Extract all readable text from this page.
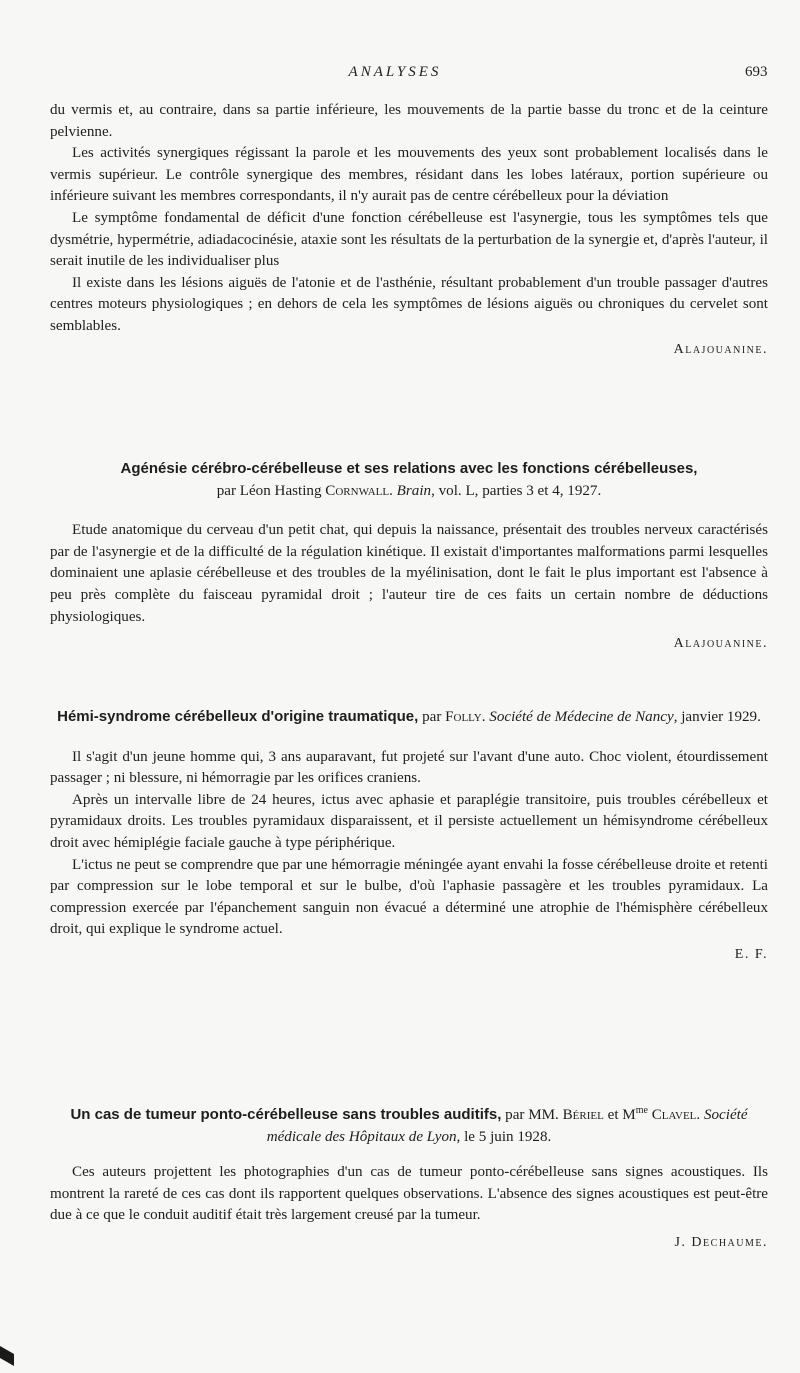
ANALYSES	693

du vermis et, au contraire, dans sa partie inférieure, les mouvements de la partie basse du tronc et de la ceinture pelvienne.

Les activités synergiques régissant la parole et les mouvements des yeux sont probablement localisés dans le vermis supérieur. Le contrôle synergique des membres, résidant dans les lobes latéraux, portion supérieure ou inférieure suivant les membres correspondants, il n'y aurait pas de centre cérébelleux pour la déviation

Le symptôme fondamental de déficit d'une fonction cérébelleuse est l'asynergie, tous les symptômes tels que dysmétrie, hypermétrie, adiadacocinésie, ataxie sont les résultats de la perturbation de la synergie et, d'après l'auteur, il serait inutile de les individualiser plus

Il existe dans les lésions aiguës de l'atonie et de l'asthénie, résultant probablement d'un trouble passager d'autres centres moteurs physiologiques ; en dehors de cela les symptômes de lésions aiguës ou chroniques du cervelet sont semblables.

Alajouanine.
Agénésie cérébro-cérébelleuse et ses relations avec les fonctions cérébelleuses,
par Léon Hasting Cornwall. Brain, vol. L, parties 3 et 4, 1927.

Etude anatomique du cerveau d'un petit chat, qui depuis la naissance, présentait des troubles nerveux caractérisés par de l'asynergie et de la difficulté de la régulation kinétique. Il existait d'importantes malformations parmi lesquelles dominaient une aplasie cérébelleuse et des troubles de la myélinisation, dont le fait le plus important est l'absence à peu près complète du faisceau pyramidal droit ; l'auteur tire de ces faits un certain nombre de déductions physiologiques.

Alajouanine.
Hémi-syndrome cérébelleux d'origine traumatique, par Folly. Société de Médecine de Nancy, janvier 1929.

Il s'agit d'un jeune homme qui, 3 ans auparavant, fut projeté sur l'avant d'une auto. Choc violent, étourdissement passager ; ni blessure, ni hémorragie par les orifices craniens.

Après un intervalle libre de 24 heures, ictus avec aphasie et paraplégie transitoire, puis troubles cérébelleux et pyramidaux droits. Les troubles pyramidaux disparaissent, et il persiste actuellement un hémisyndrome cérébelleux droit avec hémiplégie faciale gauche à type périphérique.

L'ictus ne peut se comprendre que par une hémorragie méningée ayant envahi la fosse cérébelleuse droite et retenti par compression sur le lobe temporal et sur le bulbe, d'où l'aphasie passagère et les troubles pyramidaux. La compression exercée par l'épanchement sanguin non évacué a déterminé une atrophie de l'hémisphère cérébelleux droit, qui explique le syndrome actuel.

E. F.
Un cas de tumeur ponto-cérébelleuse sans troubles auditifs, par MM. Bériel et $M^{me}$ Clavel. Société médicale des Hôpitaux de Lyon, le 5 juin 1928.

Ces auteurs projettent les photographies d'un cas de tumeur ponto-cérébelleuse sans signes acoustiques. Ils montrent la rareté de ces cas dont ils rapportent quelques observations. L'absence des signes acoustiques est peut-être due à ce que le conduit auditif était très largement creusé par la tumeur.

J. Dechaume.
